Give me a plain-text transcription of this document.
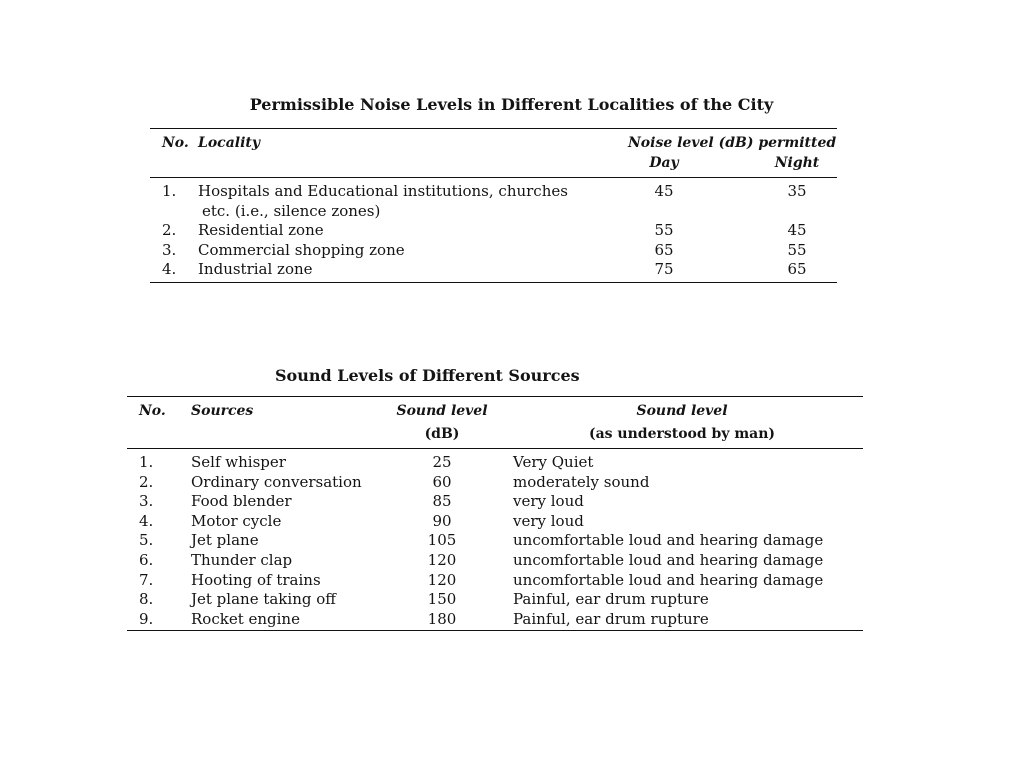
Permissible Noise Levels in Different Localities of the City

No. Locality	Noise level (dB) permitted
Day	Night
1. Hospitals and Educational institutions, churches
etc. (i.e., silence zones)
45	35
2. Residential zone	55	45
3. Commercial shopping zone	65	55
4. Industrial zone	75	65

Sound Levels of Different Sources

No. Sources	Sound level	Sound level
(dB)	(as understood by man)
1.	Self whisper	25	Very Quiet
2.	Ordinary conversation	60	moderately sound
3.	Food blender	85	very loud
4.	Motor cycle	90	very loud
5.	Jet plane	105	uncomfortable loud and hearing damage
6.	Thunder clap	120	uncomfortable loud and hearing damage
7.	Hooting of trains	120	uncomfortable loud and hearing damage
8.	Jet plane taking off	150	Painful, ear drum rupture
9.	Rocket engine	180	Painful, ear drum rupture
